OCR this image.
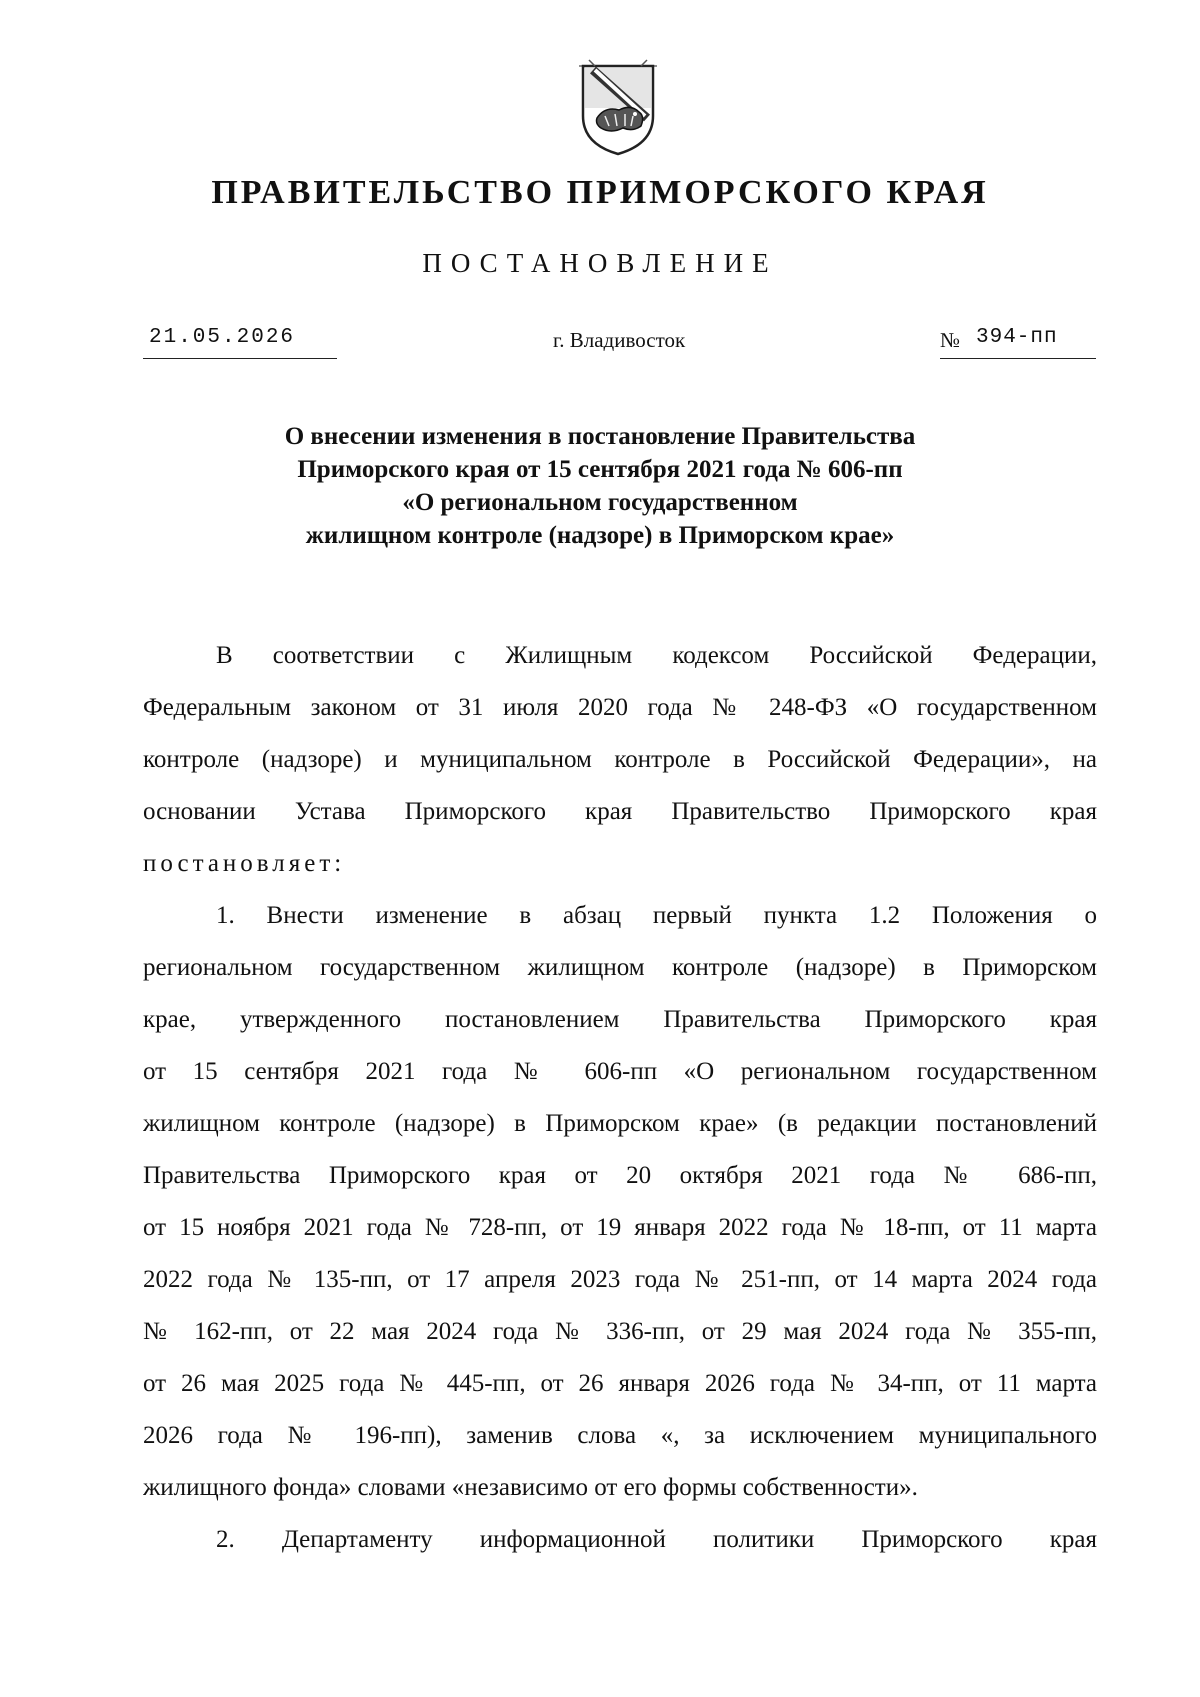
ПРАВИТЕЛЬСТВО ПРИМОРСКОГО КРАЯ
ПОСТАНОВЛЕНИЕ
21.05.2026	г. Владивосток	№ 394-пп
О внесении изменения в постановление Правительства
Приморского края от 15 сентября 2021 года № 606-пп
«О региональном государственном
жилищном контроле (надзоре) в Приморском крае»
В соответствии с Жилищным кодексом Российской Федерации,
Федеральным законом от 31 июля 2020 года № 248-ФЗ «О государственном
контроле (надзоре) и муниципальном контроле в Российской Федерации», на
основании Устава Приморского края Правительство Приморского края
постановляет:
1. Внести изменение в абзац первый пункта 1.2 Положения о
региональном государственном жилищном контроле (надзоре) в Приморском
крае, утвержденного постановлением Правительства Приморского края
от 15 сентября 2021 года № 606-пп «О региональном государственном
жилищном контроле (надзоре) в Приморском крае» (в редакции постановлений
Правительства Приморского края от 20 октября 2021 года № 686-пп,
от 15 ноября 2021 года № 728-пп, от 19 января 2022 года № 18-пп, от 11 марта
2022 года № 135-пп, от 17 апреля 2023 года № 251-пп, от 14 марта 2024 года
№ 162-пп, от 22 мая 2024 года № 336-пп, от 29 мая 2024 года № 355-пп,
от 26 мая 2025 года № 445-пп, от 26 января 2026 года № 34-пп, от 11 марта
2026 года № 196-пп), заменив слова «, за исключением муниципального
жилищного фонда» словами «независимо от его формы собственности».
2. Департаменту информационной политики Приморского края
